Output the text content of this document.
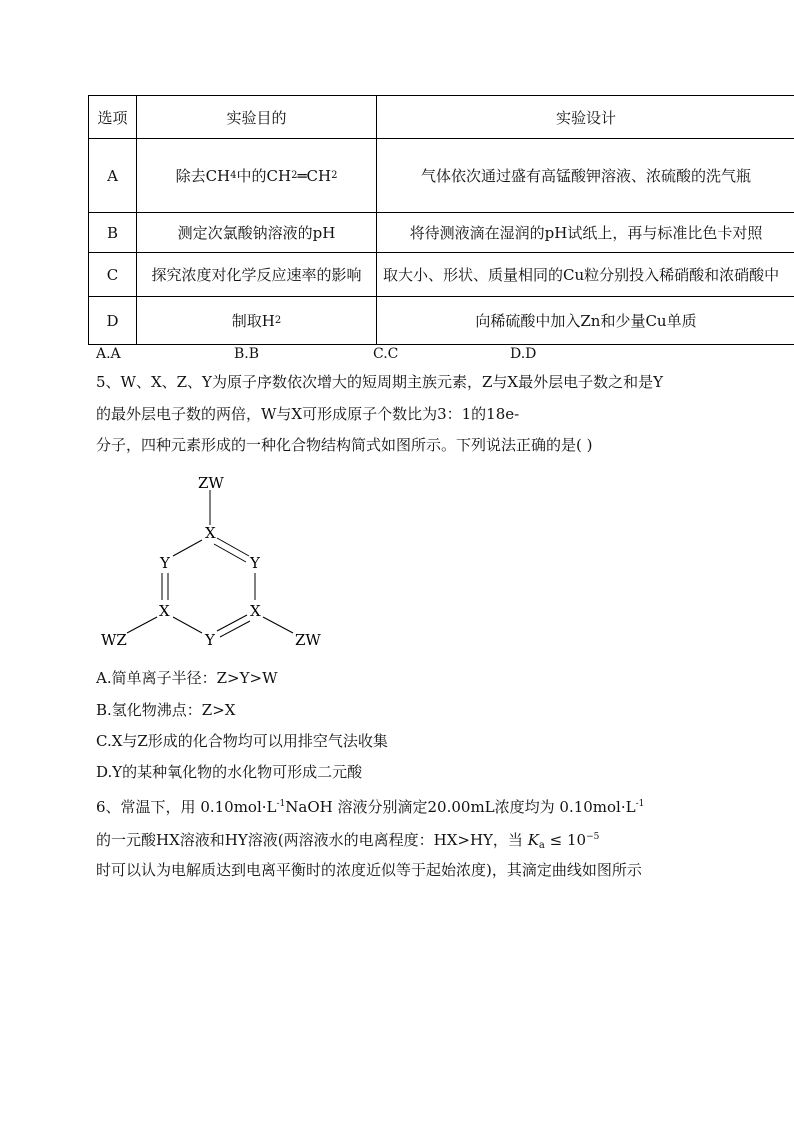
选项	实验目的	实验设计
A	除去 CH 4 中的 CH 2 ═ CH 2	气体依次通过盛有高锰酸钾溶液、浓硫酸的洗气瓶
B	测定次氯酸钠溶液的pH	将待测液滴在湿润的pH试纸上，再与标准比色卡对照
C	探究浓度对化学反应速率的影响	取大小、形状、质量相同的Cu粒分别投入稀硝酸和浓硝酸中
D	制取 H 2	向稀硫酸中加入Zn和少量Cu单质
A.A	B.B	C.C	D.D
5、W、X、Z、Y为原子序数依次增大的短周期主族元素，Z与X最外层电子数之和是Y
的最外层电子数的两倍，W与X可形成原子个数比为3：1的18e-
分子，四种元素形成的一种化合物结构简式如图所示。下列说法正确的是( )
ZW
X
Y	Y
X	X
Y
WZ	ZW
A.简单离子半径：Z>Y>W
B.氢化物沸点：Z>X
C.X与Z形成的化合物均可以用排空气法收集
D.Y的某种氧化物的水化物可形成二元酸
6、常温下，用 $0.10mol\cdot L^{-1}NaOH$ 溶液分别滴定20.00mL浓度均为 $0.10mol\cdot L^{-1}$
的一元酸HX溶液和HY溶液(两溶液水的电离程度：HX>HY，当 $K_a \le 10^{-5}$
时可以认为电解质达到电离平衡时的浓度近似等于起始浓度)，其滴定曲线如图所示
